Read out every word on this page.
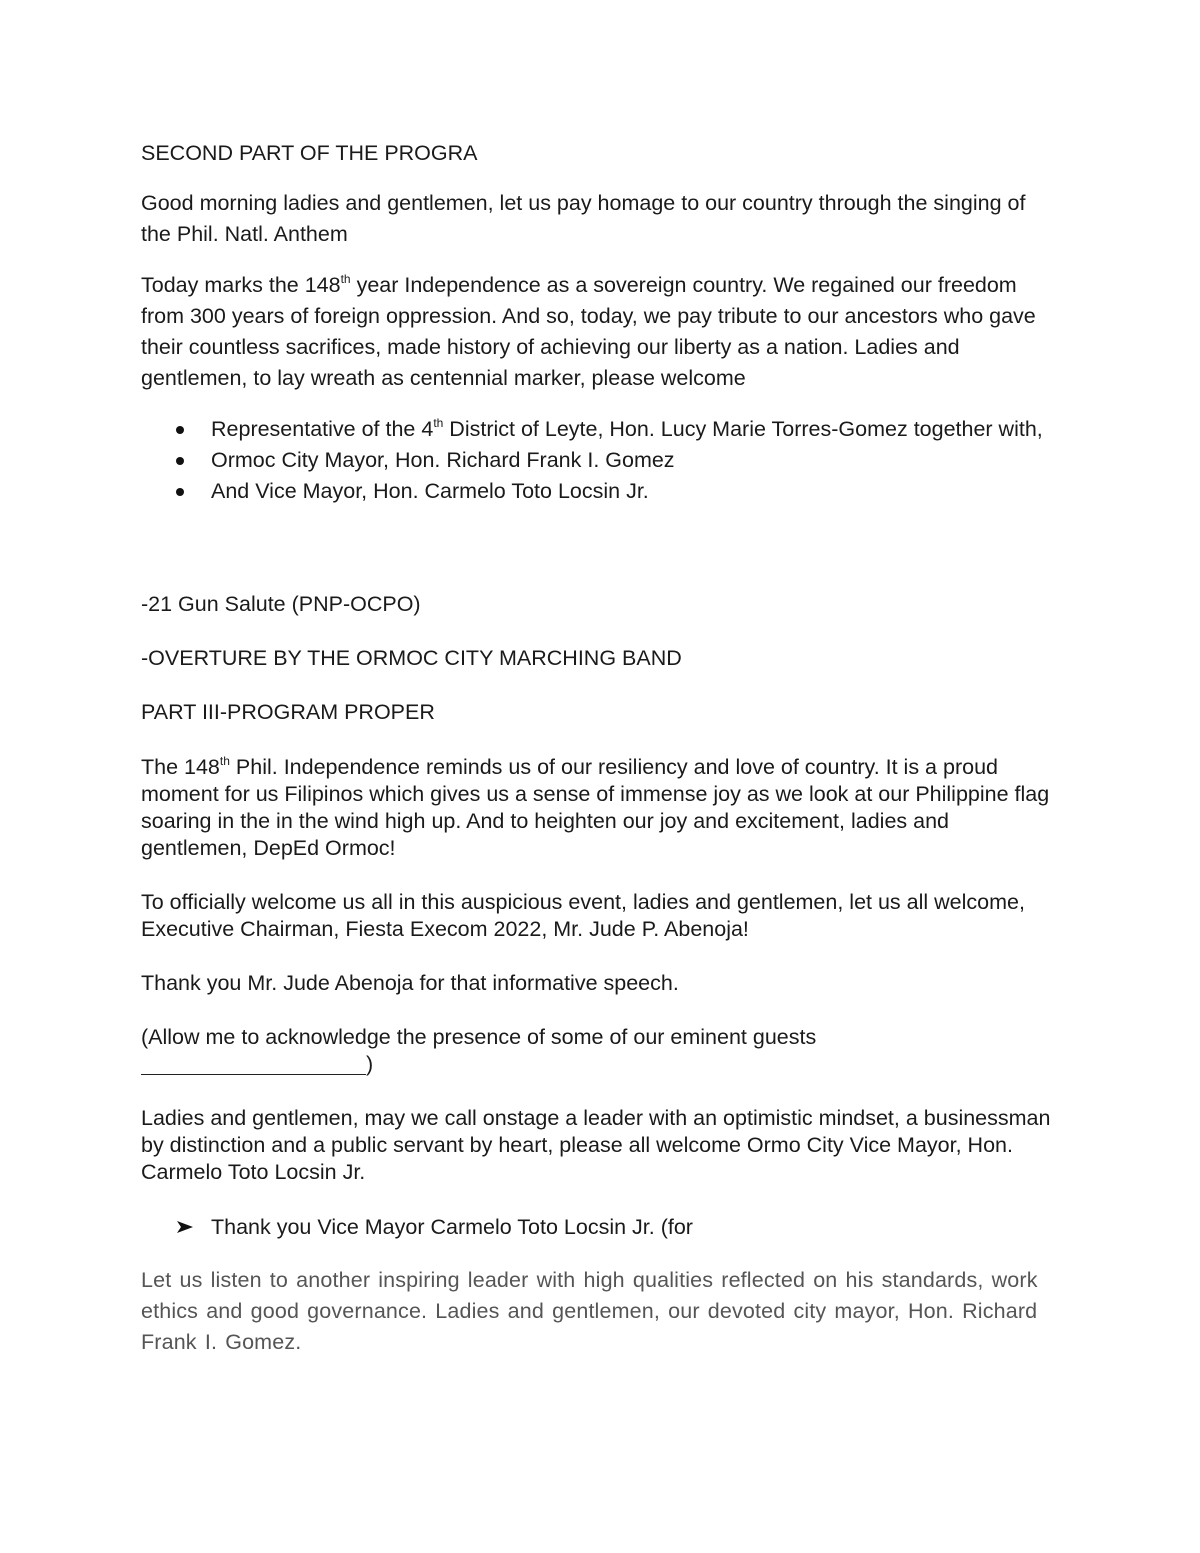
SECOND PART OF THE PROGRA

Good morning ladies and gentlemen, let us pay homage to our country through the singing of the Phil. Natl. Anthem

Today marks the 148th year Independence as a sovereign country. We regained our freedom from 300 years of foreign oppression. And so, today, we pay tribute to our ancestors who gave their countless sacrifices, made history of achieving our liberty as a nation. Ladies and gentlemen, to lay wreath as centennial marker, please welcome

Representative of the 4th District of Leyte, Hon. Lucy Marie Torres-Gomez together with,
Ormoc City Mayor, Hon. Richard Frank I. Gomez
And Vice Mayor, Hon. Carmelo Toto Locsin Jr.

-21 Gun Salute (PNP-OCPO)

-OVERTURE BY THE ORMOC CITY MARCHING BAND

PART III-PROGRAM PROPER

The 148th Phil. Independence reminds us of our resiliency and love of country. It is a proud moment for us Filipinos which gives us a sense of immense joy as we look at our Philippine flag soaring in the in the wind high up. And to heighten our joy and excitement, ladies and gentlemen, DepEd Ormoc!

To officially welcome us all in this auspicious event, ladies and gentlemen, let us all welcome, Executive Chairman, Fiesta Execom 2022, Mr. Jude P. Abenoja!

Thank you Mr. Jude Abenoja for that informative speech.

(Allow me to acknowledge the presence of some of our eminent guests
)

Ladies and gentlemen, may we call onstage a leader with an optimistic mindset, a businessman by distinction and a public servant by heart, please all welcome Ormo City Vice Mayor, Hon. Carmelo Toto Locsin Jr.

Thank you Vice Mayor Carmelo Toto Locsin Jr. (for

Let us listen to another inspiring leader with high qualities reflected on his standards, work ethics and good governance. Ladies and gentlemen, our devoted city mayor, Hon. Richard Frank I. Gomez.
